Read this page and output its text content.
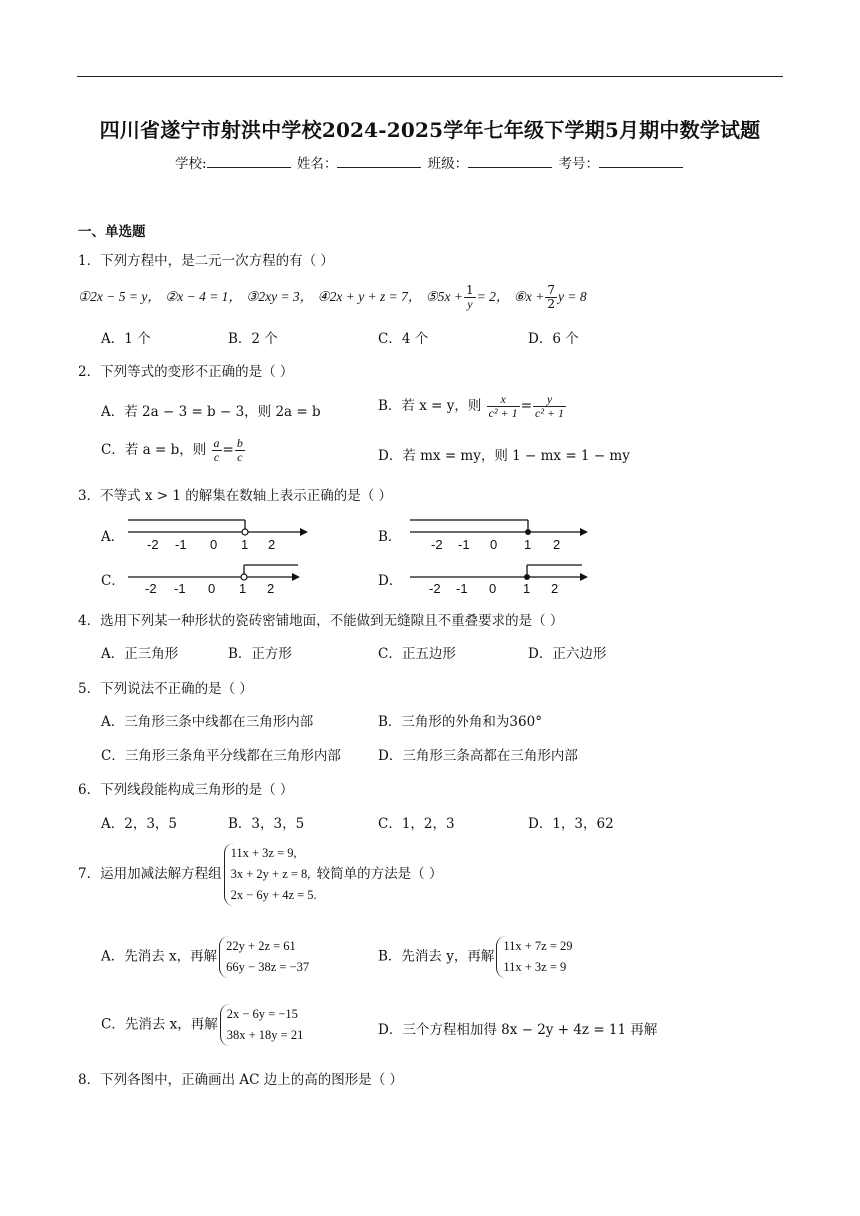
四川省遂宁市射洪中学校2024-2025学年七年级下学期5月期中数学试题
学校:	姓名：	班级：	考号：
一、单选题
1．下列方程中，是二元一次方程的有（ ）
①2x − 5 = y， ②x − 4 = 1， ③2xy = 3， ④2x + y + z = 7， ⑤5x + $\frac{1}{y} = 2$， ⑥x + $\frac{7}{2}$ y = 8
A．1 个	B．2 个	C．4 个	D．6 个
2．下列等式的变形不正确的是（ ）
A．若 2a − 3 = b − 3，则 2a = b	B．若 x = y，则 $\frac{x}{\text{c² + 1}} = \frac{y}{\text{c² + 1}}$
C．若 a = b，则 $\frac{a}{c} = \frac{b}{c}$	D．若 mx = my，则 1 − mx = 1 − my
3．不等式 x > 1 的解集在数轴上表示正确的是（ ）
A． -2 -1 0 1 2	B． -2 -1 0 1 2
C． -2 -1 0 1 2	D． -2 -1 0 1 2
4．选用下列某一种形状的瓷砖密铺地面，不能做到无缝隙且不重叠要求的是（ ）
A．正三角形	B．正方形	C．正五边形	D．正六边形
5．下列说法不正确的是（ ）
A．三角形三条中线都在三角形内部	B．三角形的外角和为360°
C．三角形三条角平分线都在三角形内部	D．三角形三条高都在三角形内部
6．下列线段能构成三角形的是（ ）
A．2，3，5	B．3，3，5	C．1，2，3	D．1，3，62
7．运用加减法解方程组
11x + 3z = 9,
3x + 2y + z = 8,
2x − 6y + 4z = 5.
较简单的方法是（ ）
A．先消去 x，再解
22y + 2z = 61
66y − 38z = −37
B．先消去 y，再解
11x + 7z = 29
11x + 3z = 9
C．先消去 x，再解
2x − 6y = −15
38x + 18y = 21	D．三个方程相加得 8x − 2y + 4z = 11 再解
8．下列各图中，正确画出 AC 边上的高的图形是（ ）
